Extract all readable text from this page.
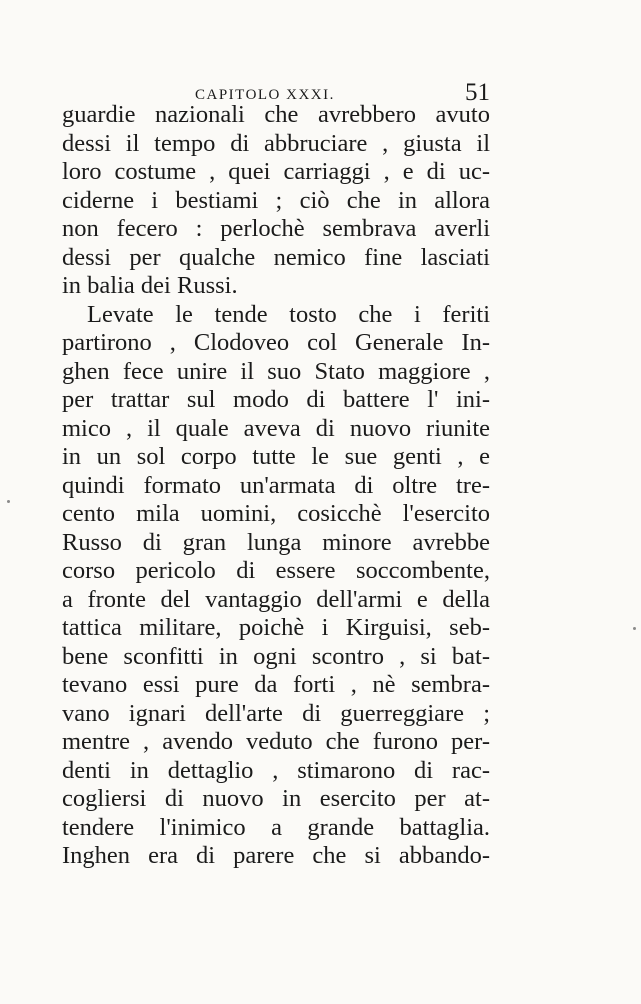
CAPITOLO XXXI.	51
guardie nazionali che avrebbero avuto
dessi il tempo di abbruciare , giusta il
loro costume , quei carriaggi , e di uc-
ciderne i bestiami ; ciò che in allora
non fecero : perlochè sembrava averli
dessi per qualche nemico fine lasciati
in balia dei Russi.
Levate le tende tosto che i feriti
partirono , Clodoveo col Generale In-
ghen fece unire il suo Stato maggiore ,
per trattar sul modo di battere l' ini-
mico , il quale aveva di nuovo riunite
in un sol corpo tutte le sue genti , e
quindi formato un'armata di oltre tre-
cento mila uomini, cosicchè l'esercito
Russo di gran lunga minore avrebbe
corso pericolo di essere soccombente,
a fronte del vantaggio dell'armi e della
tattica militare, poichè i Kirguisi, seb-
bene sconfitti in ogni scontro , si bat-
tevano essi pure da forti , nè sembra-
vano ignari dell'arte di guerreggiare ;
mentre , avendo veduto che furono per-
denti in dettaglio , stimarono di rac-
cogliersi di nuovo in esercito per at-
tendere l'inimico a grande battaglia.
Inghen era di parere che si abbando-
